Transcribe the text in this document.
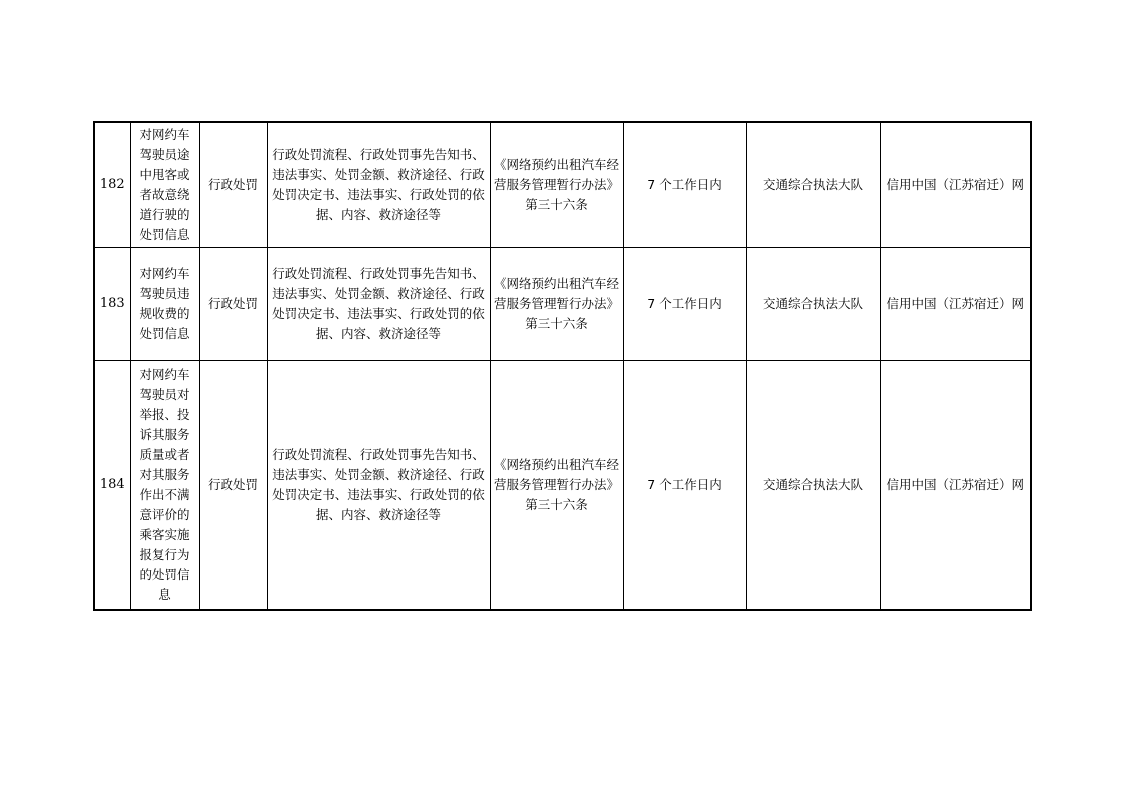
182	对网约车驾驶员途中甩客或者故意绕道行驶的处罚信息	行政处罚	行政处罚流程、行政处罚事先告知书、违法事实、处罚金额、救济途径、行政处罚决定书、违法事实、行政处罚的依据、内容、救济途径等	《网络预约出租汽车经营服务管理暂行办法》第三十六条	7 个工作日内	交通综合执法大队	信用中国（江苏宿迁）网
183	对网约车驾驶员违规收费的处罚信息	行政处罚	行政处罚流程、行政处罚事先告知书、违法事实、处罚金额、救济途径、行政处罚决定书、违法事实、行政处罚的依据、内容、救济途径等	《网络预约出租汽车经营服务管理暂行办法》第三十六条	7 个工作日内	交通综合执法大队	信用中国（江苏宿迁）网
184	对网约车驾驶员对举报、投诉其服务质量或者对其服务作出不满意评价的乘客实施报复行为的处罚信息	行政处罚	行政处罚流程、行政处罚事先告知书、违法事实、处罚金额、救济途径、行政处罚决定书、违法事实、行政处罚的依据、内容、救济途径等	《网络预约出租汽车经营服务管理暂行办法》第三十六条	7 个工作日内	交通综合执法大队	信用中国（江苏宿迁）网
